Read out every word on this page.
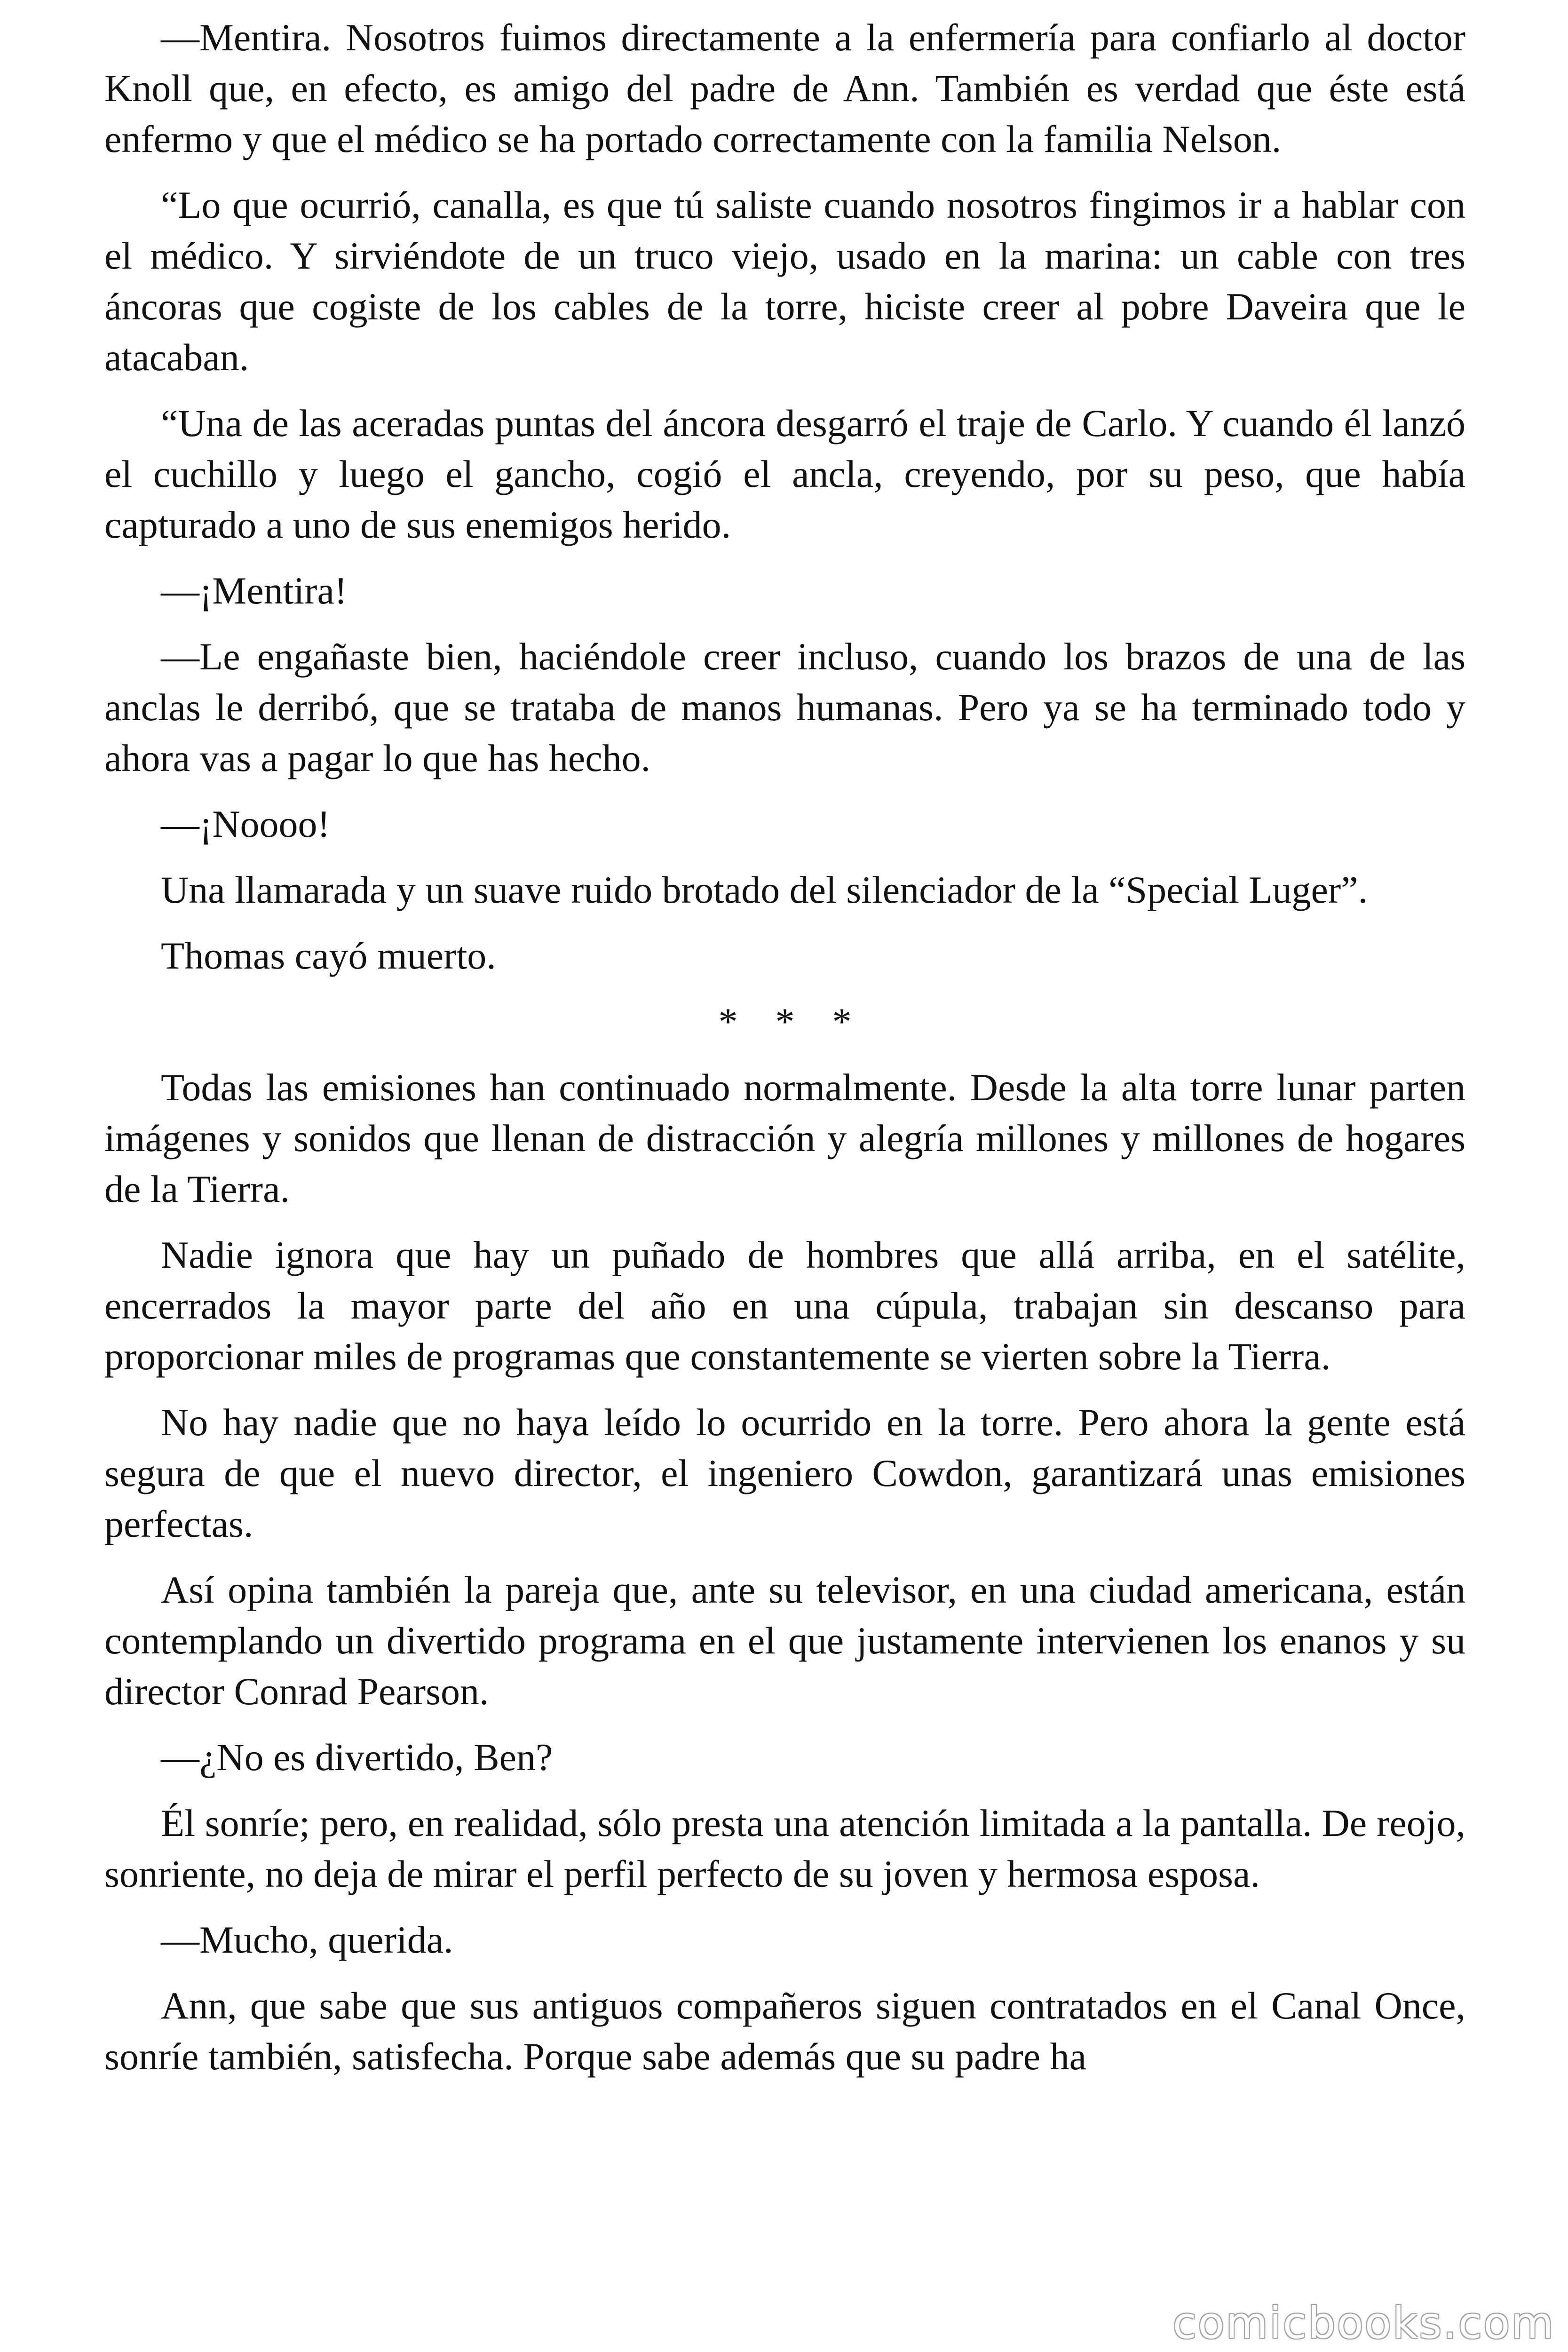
—Mentira. Nosotros fuimos directamente a la enfermería para confiarlo al doctor Knoll que, en efecto, es amigo del padre de Ann. También es verdad que éste está enfermo y que el médico se ha portado correctamente con la familia Nelson.

“Lo que ocurrió, canalla, es que tú saliste cuando nosotros fingimos ir a hablar con el médico. Y sirviéndote de un truco viejo, usado en la marina: un cable con tres áncoras que cogiste de los cables de la torre, hiciste creer al pobre Daveira que le atacaban.

“Una de las aceradas puntas del áncora desgarró el traje de Carlo. Y cuando él lanzó el cuchillo y luego el gancho, cogió el ancla, creyendo, por su peso, que había capturado a uno de sus enemigos herido.

—¡Mentira!

—Le engañaste bien, haciéndole creer incluso, cuando los brazos de una de las anclas le derribó, que se trataba de manos humanas. Pero ya se ha terminado todo y ahora vas a pagar lo que has hecho.

—¡Noooo!

Una llamarada y un suave ruido brotado del silenciador de la “Special Luger”.

Thomas cayó muerto.

* * *

Todas las emisiones han continuado normalmente. Desde la alta torre lunar parten imágenes y sonidos que llenan de distracción y alegría millones y millones de hogares de la Tierra.

Nadie ignora que hay un puñado de hombres que allá arriba, en el satélite, encerrados la mayor parte del año en una cúpula, trabajan sin descanso para proporcionar miles de programas que constantemente se vierten sobre la Tierra.

No hay nadie que no haya leído lo ocurrido en la torre. Pero ahora la gente está segura de que el nuevo director, el ingeniero Cowdon, garantizará unas emisiones perfectas.

Así opina también la pareja que, ante su televisor, en una ciudad americana, están contemplando un divertido programa en el que justamente intervienen los enanos y su director Conrad Pearson.

—¿No es divertido, Ben?

Él sonríe; pero, en realidad, sólo presta una atención limitada a la pantalla. De reojo, sonriente, no deja de mirar el perfil perfecto de su joven y hermosa esposa.

—Mucho, querida.

Ann, que sabe que sus antiguos compañeros siguen contratados en el Canal Once, sonríe también, satisfecha. Porque sabe además que su padre ha

comicbooks.com
